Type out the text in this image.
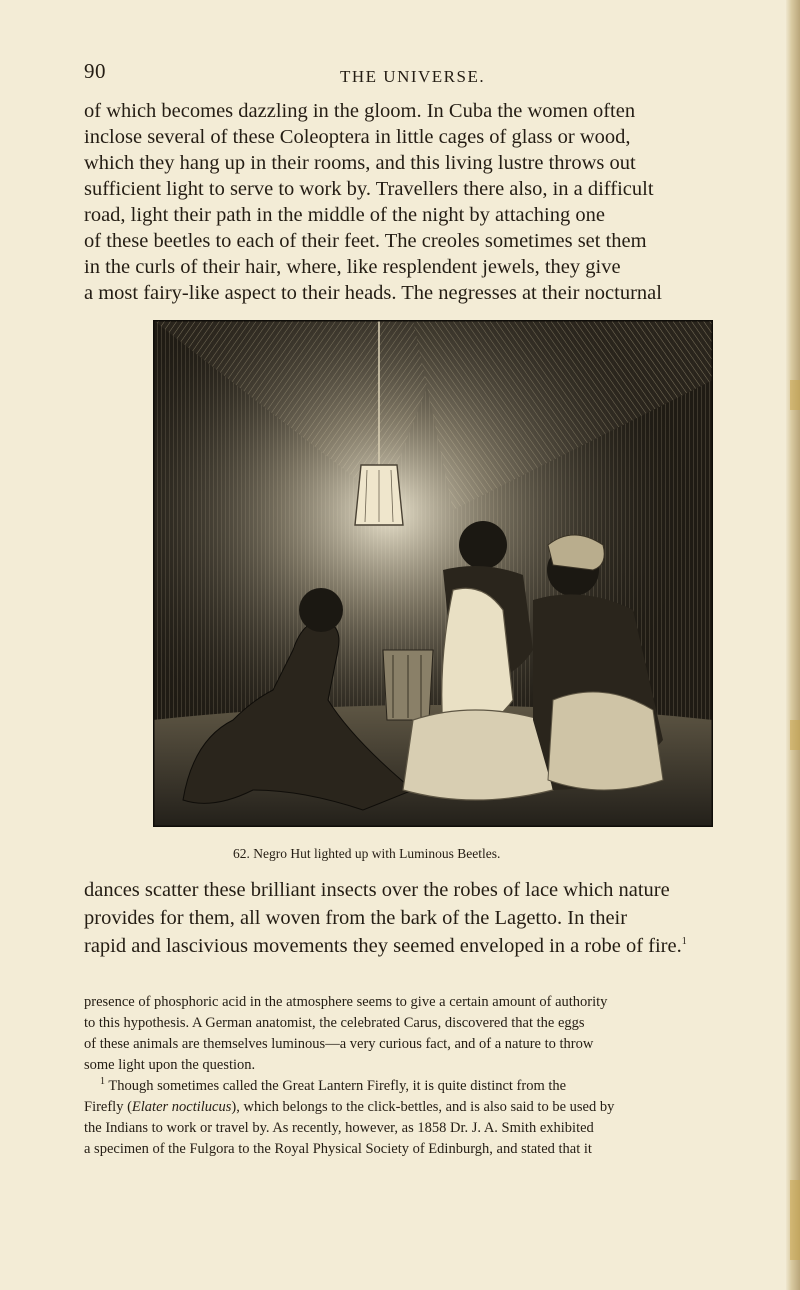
90	THE UNIVERSE.

of which becomes dazzling in the gloom. In Cuba the women often
inclose several of these Coleoptera in little cages of glass or wood,
which they hang up in their rooms, and this living lustre throws out
sufficient light to serve to work by. Travellers there also, in a difficult
road, light their path in the middle of the night by attaching one
of these beetles to each of their feet. The creoles sometimes set them
in the curls of their hair, where, like resplendent jewels, they give
a most fairy-like aspect to their heads. The negresses at their nocturnal

62. Negro Hut lighted up with Luminous Beetles.

dances scatter these brilliant insects over the robes of lace which nature
provides for them, all woven from the bark of the Lagetto. In their
rapid and lascivious movements they seemed enveloped in a robe of fire.$^1$

presence of phosphoric acid in the atmosphere seems to give a certain amount of authority
to this hypothesis. A German anatomist, the celebrated Carus, discovered that the eggs
of these animals are themselves luminous—a very curious fact, and of a nature to throw
some light upon the question.
$^1$ Though sometimes called the Great Lantern Firefly, it is quite distinct from the
Firefly (Elater noctilucus), which belongs to the click-bettles, and is also said to be used by
the Indians to work or travel by. As recently, however, as 1858 Dr. J. A. Smith exhibited
a specimen of the Fulgora to the Royal Physical Society of Edinburgh, and stated that it
